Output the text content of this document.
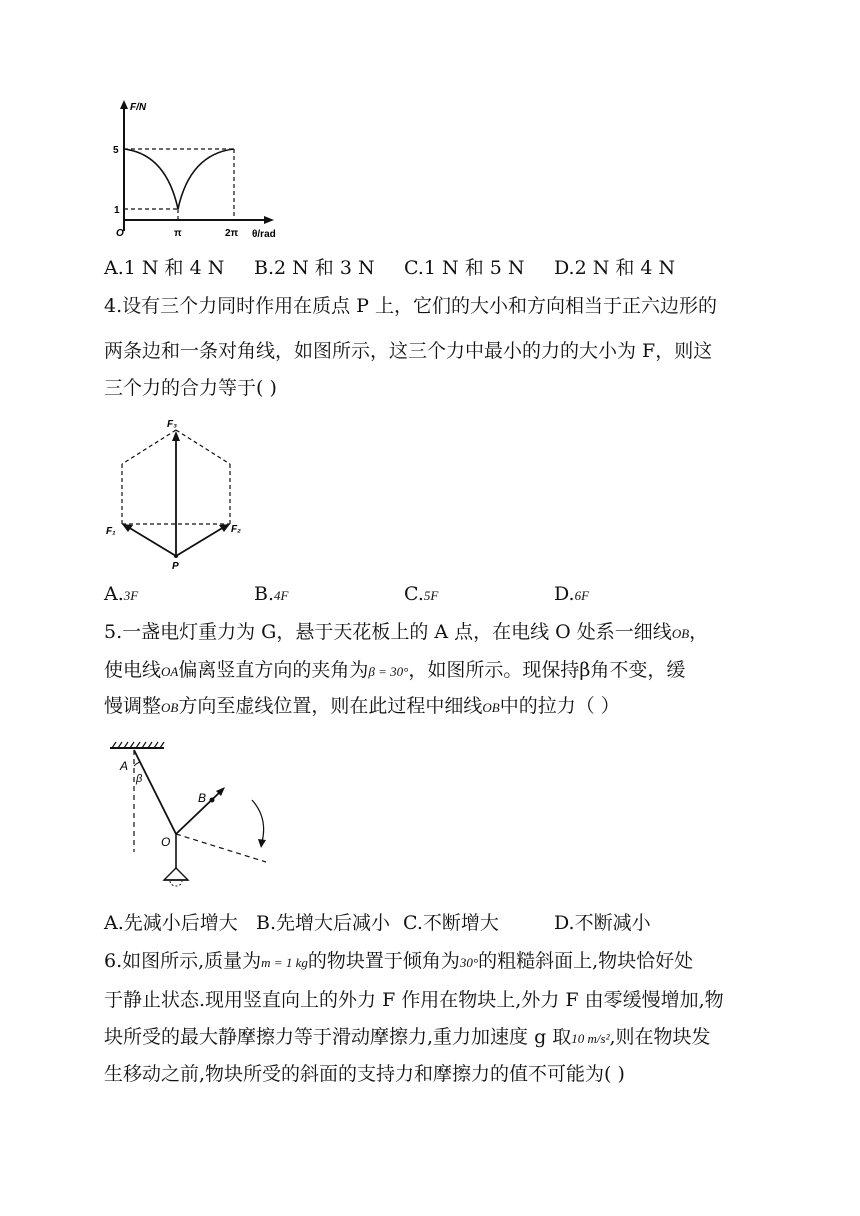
F/N
θ/rad
O
5
1
π	2π
A.1 N 和 4 N B.2 N 和 3 N C.1 N 和 5 N D.2 N 和 4 N
4.设有三个力同时作用在质点 P 上，它们的大小和方向相当于正六边形的
两条边和一条对角线，如图所示，这三个力中最小的力的大小为 F，则这
三个力的合力等于( )
F₃
F₁	F₂
P
A.3F	B.4F	C.5F	D.6F
5.一盏电灯重力为 G，悬于天花板上的 A 点，在电线 O 处系一细线OB，
使电线OA偏离竖直方向的夹角为β = 30°，如图所示。现保持β角不变，缓
慢调整OB方向至虚线位置，则在此过程中细线OB中的拉力（ ）
A
β
B
O
A.先减小后增大 B.先增大后减小 C.不断增大	D.不断减小
6.如图所示,质量为m = 1 kg的物块置于倾角为30°的粗糙斜面上,物块恰好处
于静止状态.现用竖直向上的外力 F 作用在物块上,外力 F 由零缓慢增加,物
块所受的最大静摩擦力等于滑动摩擦力,重力加速度 g 取10 m/s²,则在物块发
生移动之前,物块所受的斜面的支持力和摩擦力的值不可能为( )
